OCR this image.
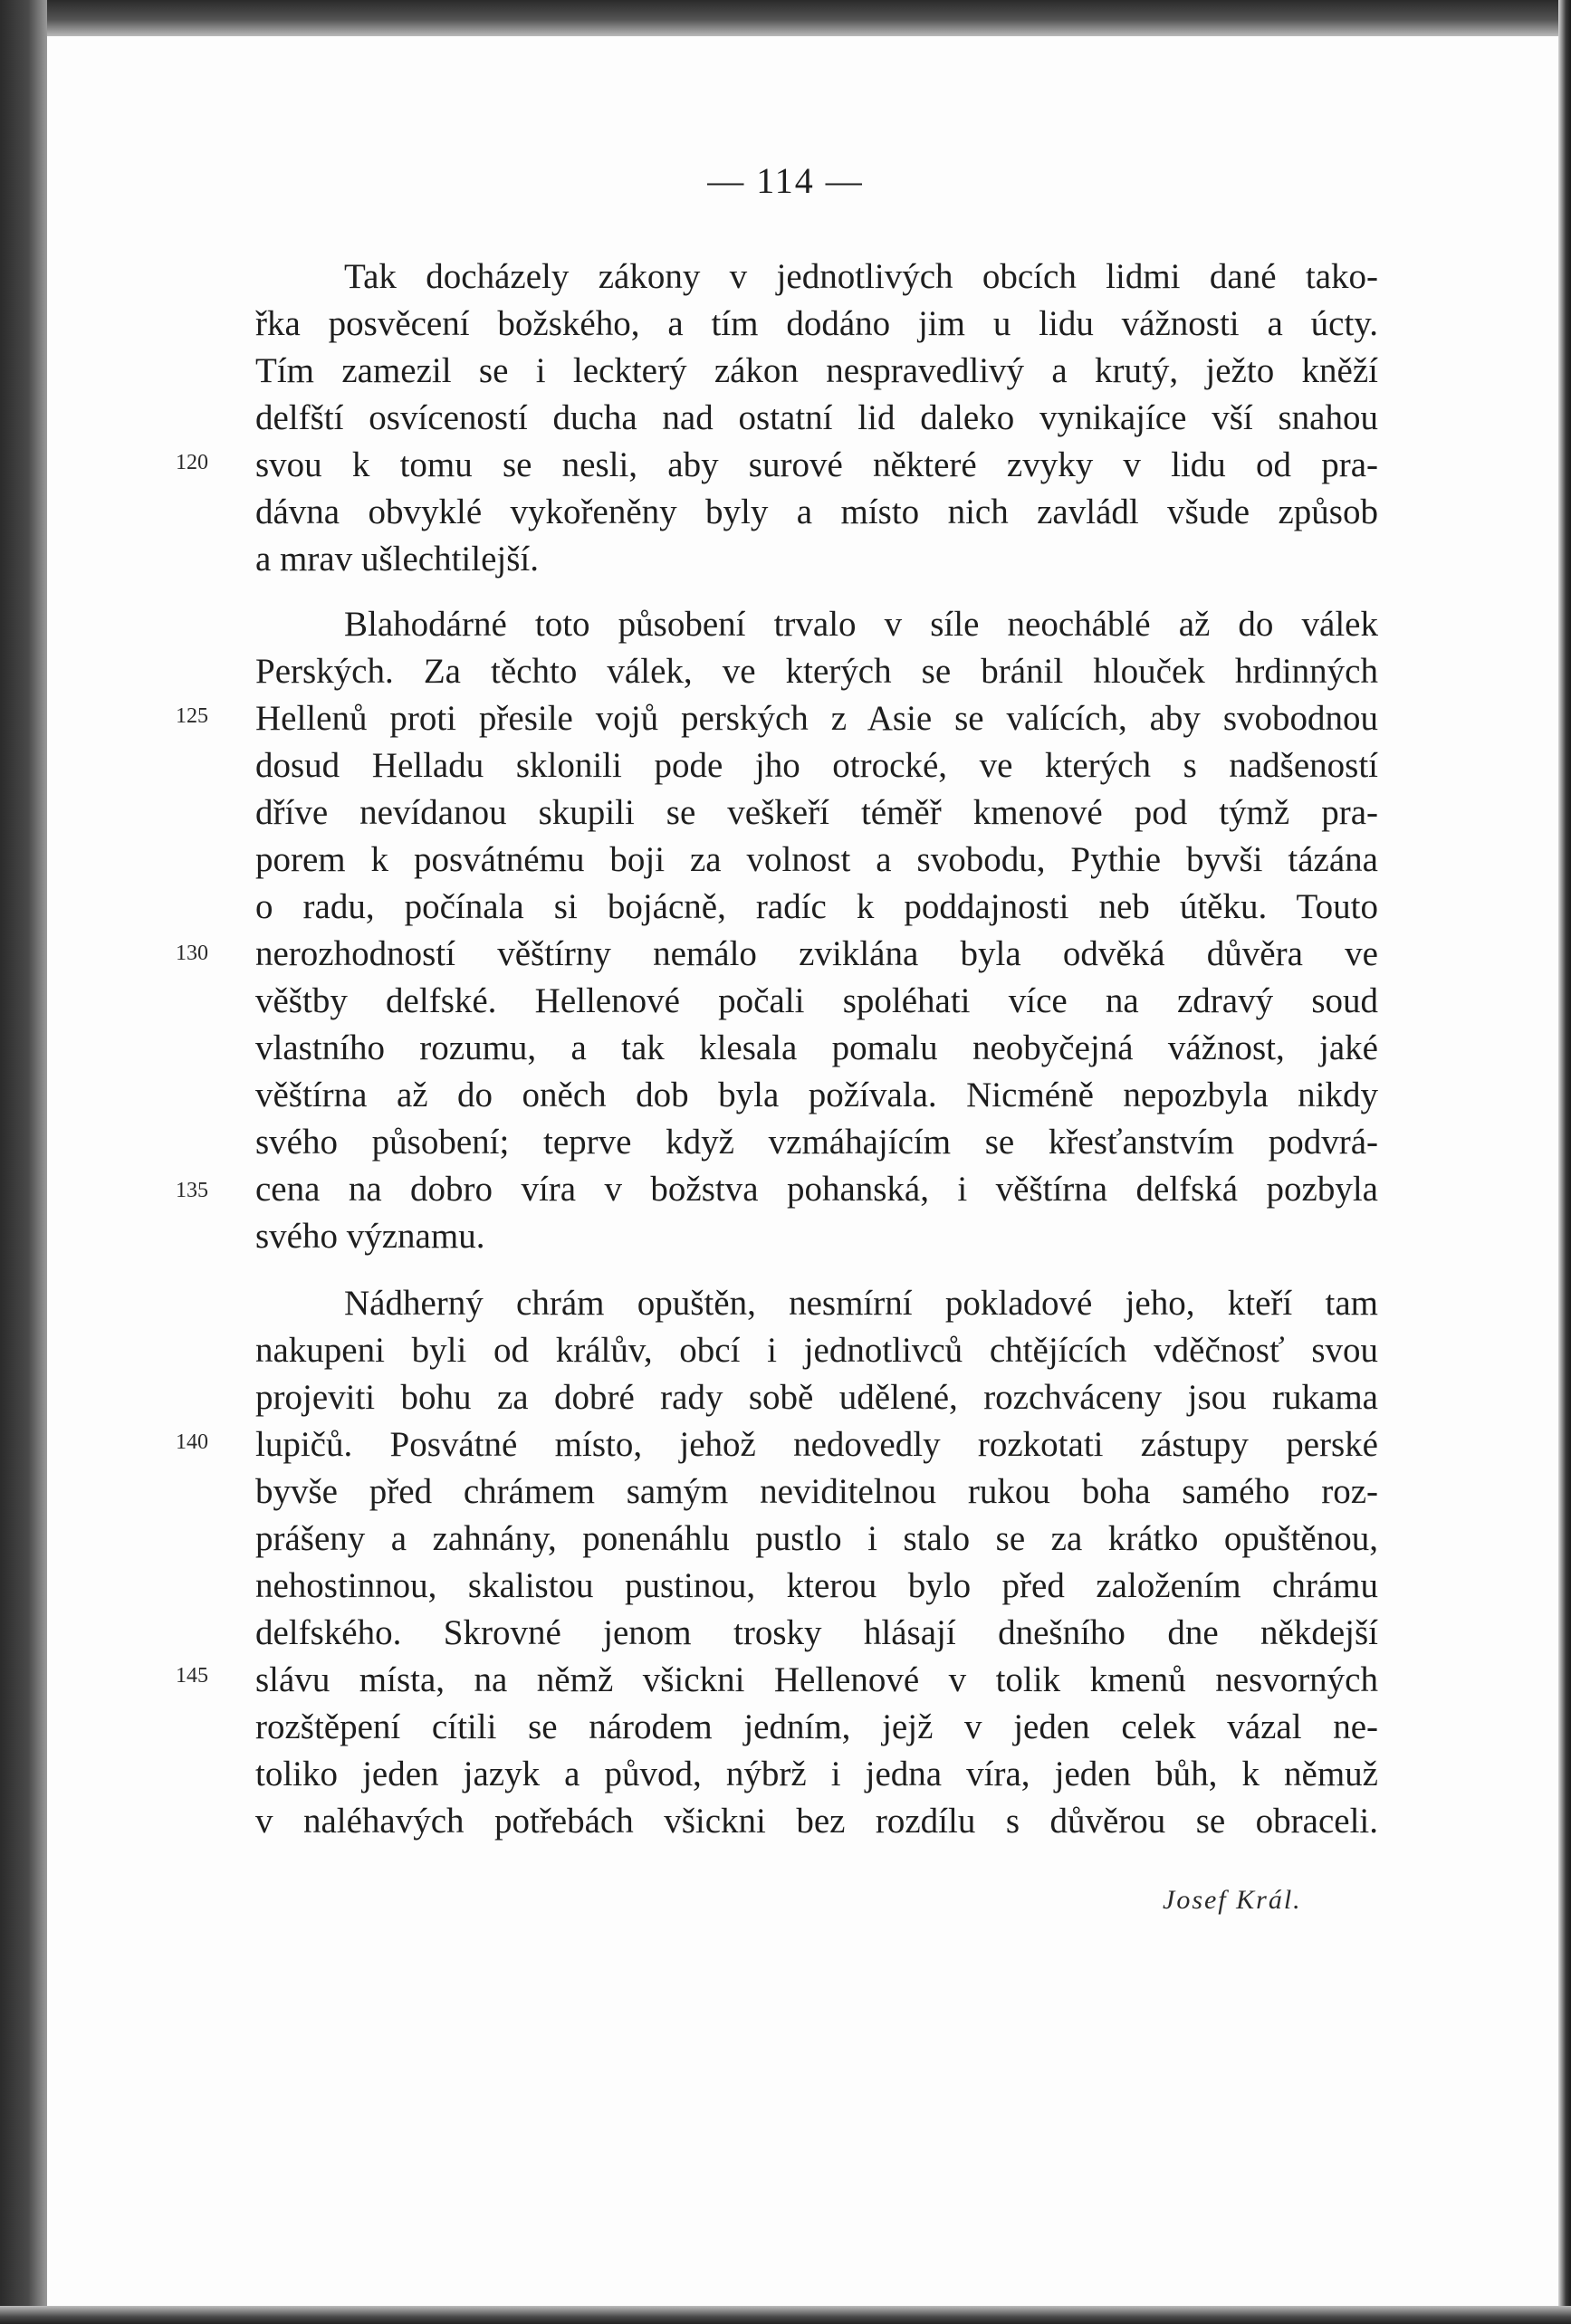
— 114 —
Tak docházely zákony v jednotlivých obcích lidmi dané tako-
řka posvěcení božského, a tím dodáno jim u lidu vážnosti a úcty.
Tím zamezil se i leckterý zákon nespravedlivý a krutý, ježto kněží
delfští osvíceností ducha nad ostatní lid daleko vynikajíce vší snahou
svou k tomu se nesli, aby surové některé zvyky v lidu od pra-
dávna obvyklé vykořeněny byly a místo nich zavládl všude způsob
a mrav ušlechtilejší.
Blahodárné toto působení trvalo v síle neocháblé až do válek
Perských. Za těchto válek, ve kterých se bránil hlouček hrdinných
Hellenů proti přesile vojů perských z Asie se valících, aby svobodnou
dosud Helladu sklonili pode jho otrocké, ve kterých s nadšeností
dříve nevídanou skupili se veškeří téměř kmenové pod týmž pra-
porem k posvátnému boji za volnost a svobodu, Pythie byvši tázána
o radu, počínala si bojácně, radíc k poddajnosti neb útěku. Touto
nerozhodností věštírny nemálo zviklána byla odvěká důvěra ve
věštby delfské. Hellenové počali spoléhati více na zdravý soud
vlastního rozumu, a tak klesala pomalu neobyčejná vážnost, jaké
věštírna až do oněch dob byla požívala. Nicméně nepozbyla nikdy
svého působení; teprve když vzmáhajícím se křesťanstvím podvrá-
cena na dobro víra v božstva pohanská, i věštírna delfská pozbyla
svého významu.
Nádherný chrám opuštěn, nesmírní pokladové jeho, kteří tam
nakupeni byli od králův, obcí i jednotlivců chtějících vděčnosť svou
projeviti bohu za dobré rady sobě udělené, rozchváceny jsou rukama
lupičů. Posvátné místo, jehož nedovedly rozkotati zástupy perské
byvše před chrámem samým neviditelnou rukou boha samého roz-
prášeny a zahnány, ponenáhlu pustlo i stalo se za krátko opuštěnou,
nehostinnou, skalistou pustinou, kterou bylo před založením chrámu
delfského. Skrovné jenom trosky hlásají dnešního dne někdejší
slávu místa, na němž všickni Hellenové v tolik kmenů nesvorných
rozštěpení cítili se národem jedním, jejž v jeden celek vázal ne-
toliko jeden jazyk a původ, nýbrž i jedna víra, jeden bůh, k němuž
v naléhavých potřebách všickni bez rozdílu s důvěrou se obraceli.
120
125
130
135
140
145
Josef Král.
